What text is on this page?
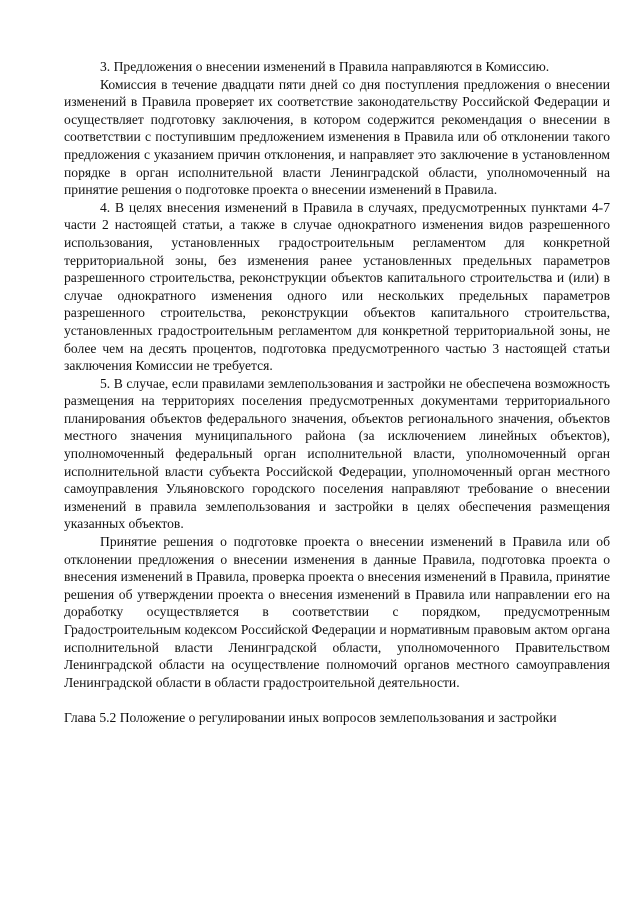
3. Предложения о внесении изменений в Правила направляются в Комиссию.

Комиссия в течение двадцати пяти дней со дня поступления предложения о внесении изменений в Правила проверяет их соответствие законодательству Российской Федерации и осуществляет подготовку заключения, в котором содержится рекомендация о внесении в соответствии с поступившим предложением изменения в Правила или об отклонении такого предложения с указанием причин отклонения, и направляет это заключение в установленном порядке в орган исполнительной власти Ленинградской области, уполномоченный на принятие решения о подготовке проекта о внесении изменений в Правила.

4. В целях внесения изменений в Правила в случаях, предусмотренных пунктами 4-7 части 2 настоящей статьи, а также в случае однократного изменения видов разрешенного использования, установленных градостроительным регламентом для конкретной территориальной зоны, без изменения ранее установленных предельных параметров разрешенного строительства, реконструкции объектов капитального строительства и (или) в случае однократного изменения одного или нескольких предельных параметров разрешенного строительства, реконструкции объектов капитального строительства, установленных градостроительным регламентом для конкретной территориальной зоны, не более чем на десять процентов, подготовка предусмотренного частью 3 настоящей статьи заключения Комиссии не требуется.

5. В случае, если правилами землепользования и застройки не обеспечена возможность размещения на территориях поселения предусмотренных документами территориального планирования объектов федерального значения, объектов регионального значения, объектов местного значения муниципального района (за исключением линейных объектов), уполномоченный федеральный орган исполнительной власти, уполномоченный орган исполнительной власти субъекта Российской Федерации, уполномоченный орган местного самоуправления Ульяновского городского поселения направляют требование о внесении изменений в правила землепользования и застройки в целях обеспечения размещения указанных объектов.

Принятие решения о подготовке проекта о внесении изменений в Правила или об отклонении предложения о внесении изменения в данные Правила, подготовка проекта о внесения изменений в Правила, проверка проекта о внесения изменений в Правила, принятие решения об утверждении проекта о внесения изменений в Правила или направлении его на доработку осуществляется в соответствии с порядком, предусмотренным Градостроительным кодексом Российской Федерации и нормативным правовым актом органа исполнительной власти Ленинградской области, уполномоченного Правительством Ленинградской области на осуществление полномочий органов местного самоуправления Ленинградской области в области градостроительной деятельности.

Глава 5.2 Положение о регулировании иных вопросов землепользования и застройки
